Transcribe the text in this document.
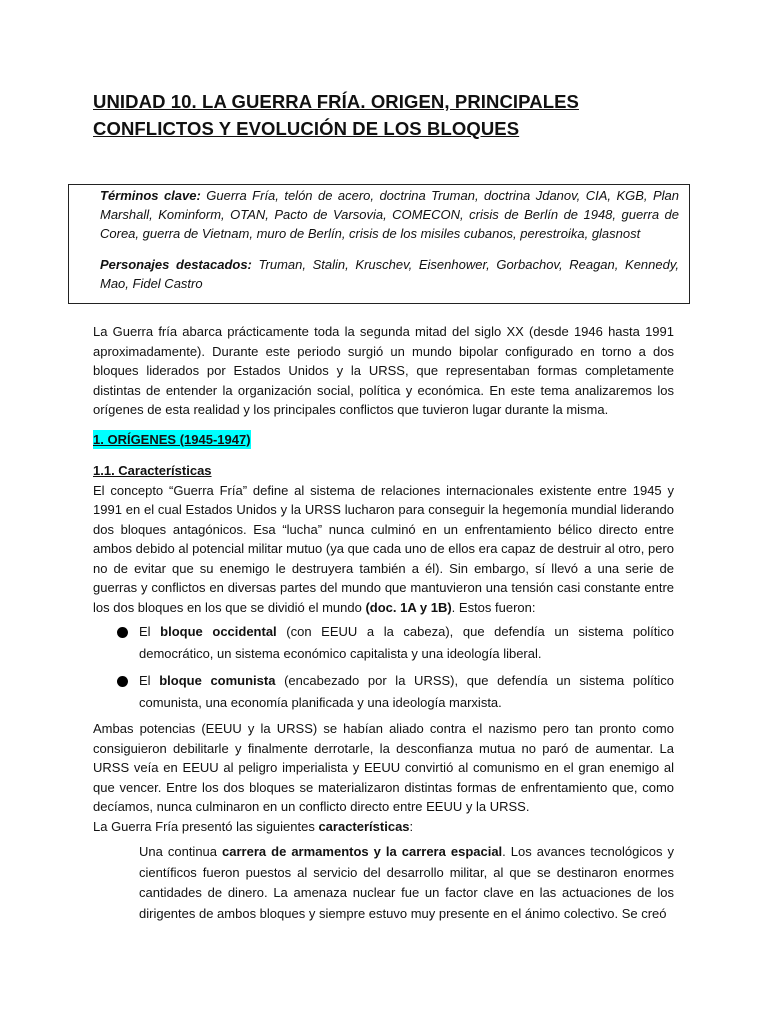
UNIDAD 10. LA GUERRA FRÍA. ORIGEN, PRINCIPALES CONFLICTOS Y EVOLUCIÓN DE LOS BLOQUES

Términos clave: Guerra Fría, telón de acero, doctrina Truman, doctrina Jdanov, CIA, KGB, Plan Marshall, Kominform, OTAN, Pacto de Varsovia, COMECON, crisis de Berlín de 1948, guerra de Corea, guerra de Vietnam, muro de Berlín, crisis de los misiles cubanos, perestroika, glasnost

Personajes destacados: Truman, Stalin, Kruschev, Eisenhower, Gorbachov, Reagan, Kennedy, Mao, Fidel Castro

La Guerra fría abarca prácticamente toda la segunda mitad del siglo XX (desde 1946 hasta 1991 aproximadamente). Durante este periodo surgió un mundo bipolar configurado en torno a dos bloques liderados por Estados Unidos y la URSS, que representaban formas completamente distintas de entender la organización social, política y económica. En este tema analizaremos los orígenes de esta realidad y los principales conflictos que tuvieron lugar durante la misma.

1. ORÍGENES (1945-1947)

1.1. Características

El concepto “Guerra Fría” define al sistema de relaciones internacionales existente entre 1945 y 1991 en el cual Estados Unidos y la URSS lucharon para conseguir la hegemonía mundial liderando dos bloques antagónicos. Esa “lucha” nunca culminó en un enfrentamiento bélico directo entre ambos debido al potencial militar mutuo (ya que cada uno de ellos era capaz de destruir al otro, pero no de evitar que su enemigo le destruyera también a él). Sin embargo, sí llevó a una serie de guerras y conflictos en diversas partes del mundo que mantuvieron una tensión casi constante entre los dos bloques en los que se dividió el mundo (doc. 1A y 1B). Estos fueron:

El bloque occidental (con EEUU a la cabeza), que defendía un sistema político democrático, un sistema económico capitalista y una ideología liberal.
El bloque comunista (encabezado por la URSS), que defendía un sistema político comunista, una economía planificada y una ideología marxista.

Ambas potencias (EEUU y la URSS) se habían aliado contra el nazismo pero tan pronto como consiguieron debilitarle y finalmente derrotarle, la desconfianza mutua no paró de aumentar. La URSS veía en EEUU al peligro imperialista y EEUU convirtió al comunismo en el gran enemigo al que vencer. Entre los dos bloques se materializaron distintas formas de enfrentamiento que, como decíamos, nunca culminaron en un conflicto directo entre EEUU y la URSS.

La Guerra Fría presentó las siguientes características:

Una continua carrera de armamentos y la carrera espacial. Los avances tecnológicos y científicos fueron puestos al servicio del desarrollo militar, al que se destinaron enormes cantidades de dinero. La amenaza nuclear fue un factor clave en las actuaciones de los dirigentes de ambos bloques y siempre estuvo muy presente en el ánimo colectivo. Se creó
